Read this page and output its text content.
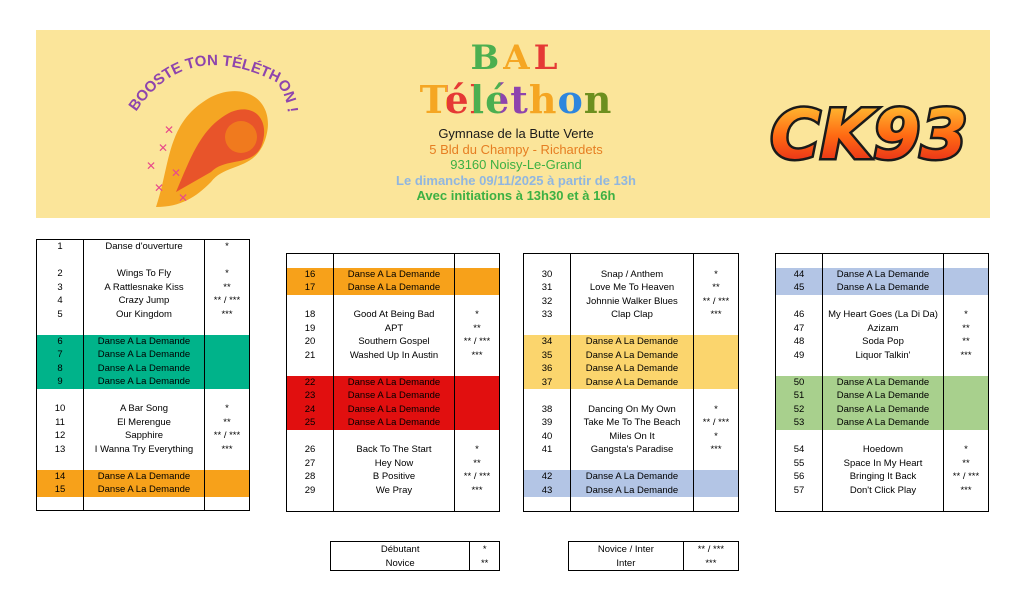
BOOSTE TON TÉLÉTHON !
✕
✕ ✕
✕
✕
✕
BAL
Téléthon
Gymnase de la Butte Verte
5 Bld du Champy - Richardets
93160 Noisy-Le-Grand
Le dimanche 09/11/2025 à partir de 13h
Avec initiations à 13h30 et à 16h
CK93
1	Danse d'ouverture	*

2	Wings To Fly	*
3	A Rattlesnake Kiss	**
4	Crazy Jump	** / ***
5	Our Kingdom	***

6	Danse A La Demande	
7	Danse A La Demande	
8	Danse A La Demande	
9	Danse A La Demande	

10	A Bar Song	*
11	El Merengue	**
12	Sapphire	** / ***
13	I Wanna Try Everything	***

14	Danse A La Demande	
15	Danse A La Demande	

16	Danse A La Demande	
17	Danse A La Demande	

18	Good At Being Bad	*
19	APT	**
20	Southern Gospel	** / ***
21	Washed Up In Austin	***

22	Danse A La Demande	
23	Danse A La Demande	
24	Danse A La Demande	
25	Danse A La Demande	

26	Back To The Start	*
27	Hey Now	**
28	B Positive	** / ***
29	We Pray	***

30	Snap / Anthem	*
31	Love Me To Heaven	**
32	Johnnie Walker Blues	** / ***
33	Clap Clap	***

34	Danse A La Demande	
35	Danse A La Demande	
36	Danse A La Demande	
37	Danse A La Demande	

38	Dancing On My Own	*
39	Take Me To The Beach	** / ***
40	Miles On It	*
41	Gangsta's Paradise	***

42	Danse A La Demande	
43	Danse A La Demande	

44	Danse A La Demande	
45	Danse A La Demande	

46	My Heart Goes (La Di Da)	*
47	Azizam	**
48	Soda Pop	**
49	Liquor Talkin'	***

50	Danse A La Demande	
51	Danse A La Demande	
52	Danse A La Demande	
53	Danse A La Demande	

54	Hoedown	*
55	Space In My Heart	**
56	Bringing It Back	** / ***
57	Don't Click Play	***

Débutant	*
Novice	**
Novice / Inter	** / ***
Inter	***
